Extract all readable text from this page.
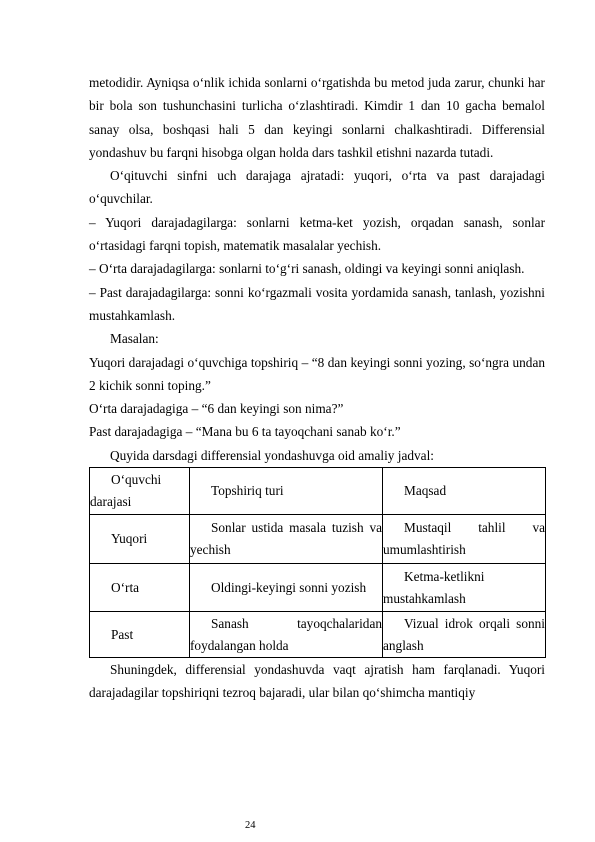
metodidir. Ayniqsa o‘nlik ichida sonlarni o‘rgatishda bu metod juda zarur, chunki har bir bola son tushunchasini turlicha o‘zlashtiradi. Kimdir 1 dan 10 gacha bemalol sanay olsa, boshqasi hali 5 dan keyingi sonlarni chalkashtiradi. Differensial yondashuv bu farqni hisobga olgan holda dars tashkil etishni nazarda tutadi.

O‘qituvchi sinfni uch darajaga ajratadi: yuqori, o‘rta va past darajadagi o‘quvchilar.

– Yuqori darajadagilarga: sonlarni ketma-ket yozish, orqadan sanash, sonlar o‘rtasidagi farqni topish, matematik masalalar yechish.

– O‘rta darajadagilarga: sonlarni to‘g‘ri sanash, oldingi va keyingi sonni aniqlash.

– Past darajadagilarga: sonni ko‘rgazmali vosita yordamida sanash, tanlash, yozishni mustahkamlash.

Masalan:

Yuqori darajadagi o‘quvchiga topshiriq – “8 dan keyingi sonni yozing, so‘ngra undan 2 kichik sonni toping.”

O‘rta darajadagiga – “6 dan keyingi son nima?”

Past darajadagiga – “Mana bu 6 ta tayoqchani sanab ko‘r.”

Quyida darsdagi differensial yondashuvga oid amaliy jadval:

O‘quvchi darajasi	Topshiriq turi	Maqsad

Yuqori	Sonlar ustida masala tuzish va yechish	Mustaqil tahlil va umumlashtirish

O‘rta	Oldingi-keyingi sonni yozish	Ketma-ketlikni mustahkamlash

Past	Sanash tayoqchalaridan foydalangan holda	Vizual idrok orqali sonni anglash

Shuningdek, differensial yondashuvda vaqt ajratish ham farqlanadi. Yuqori darajadagilar topshiriqni tezroq bajaradi, ular bilan qo‘shimcha mantiqiy

24
